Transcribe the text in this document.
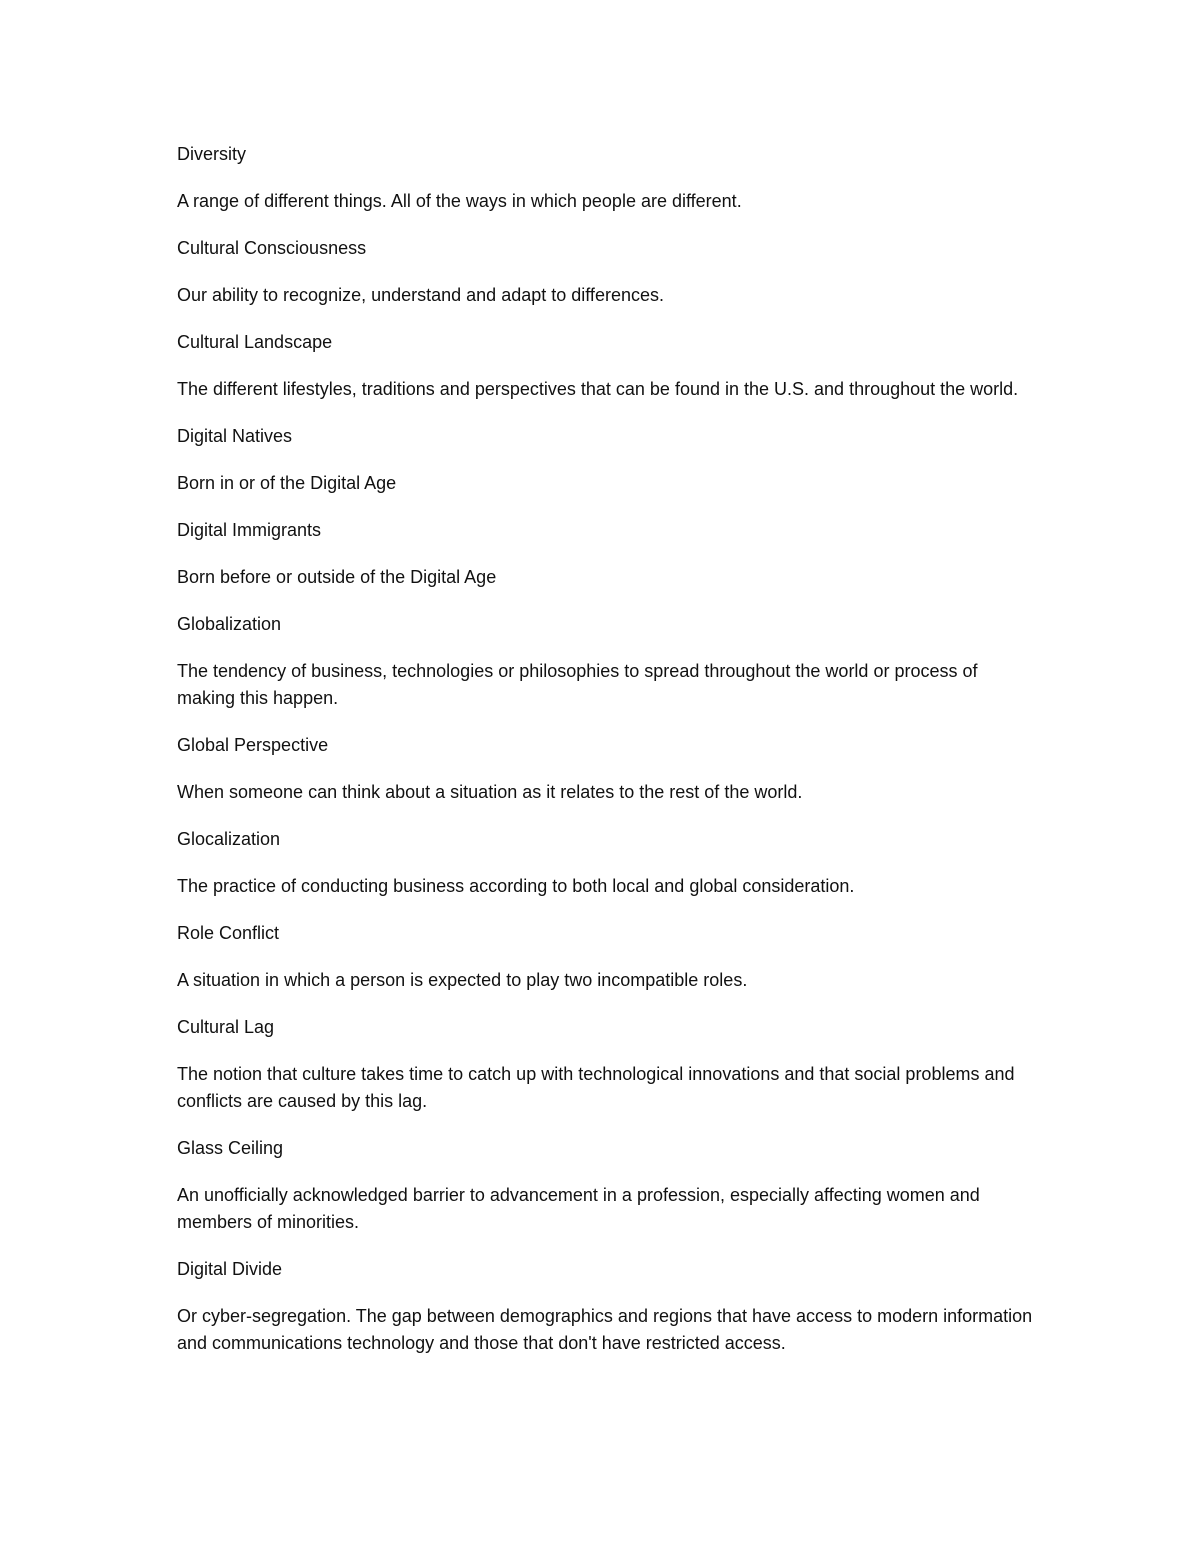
Diversity
A range of different things. All of the ways in which people are different.
Cultural Consciousness
Our ability to recognize, understand and adapt to differences.
Cultural Landscape
The different lifestyles, traditions and perspectives that can be found in the U.S. and throughout the world.
Digital Natives
Born in or of the Digital Age
Digital Immigrants
Born before or outside of the Digital Age
Globalization
The tendency of business, technologies or philosophies to spread throughout the world or process of making this happen.
Global Perspective
When someone can think about a situation as it relates to the rest of the world.
Glocalization
The practice of conducting business according to both local and global consideration.
Role Conflict
A situation in which a person is expected to play two incompatible roles.
Cultural Lag
The notion that culture takes time to catch up with technological innovations and that social problems and conflicts are caused by this lag.
Glass Ceiling
An unofficially acknowledged barrier to advancement in a profession, especially affecting women and members of minorities.
Digital Divide
Or cyber-segregation. The gap between demographics and regions that have access to modern information and communications technology and those that don't have restricted access.
